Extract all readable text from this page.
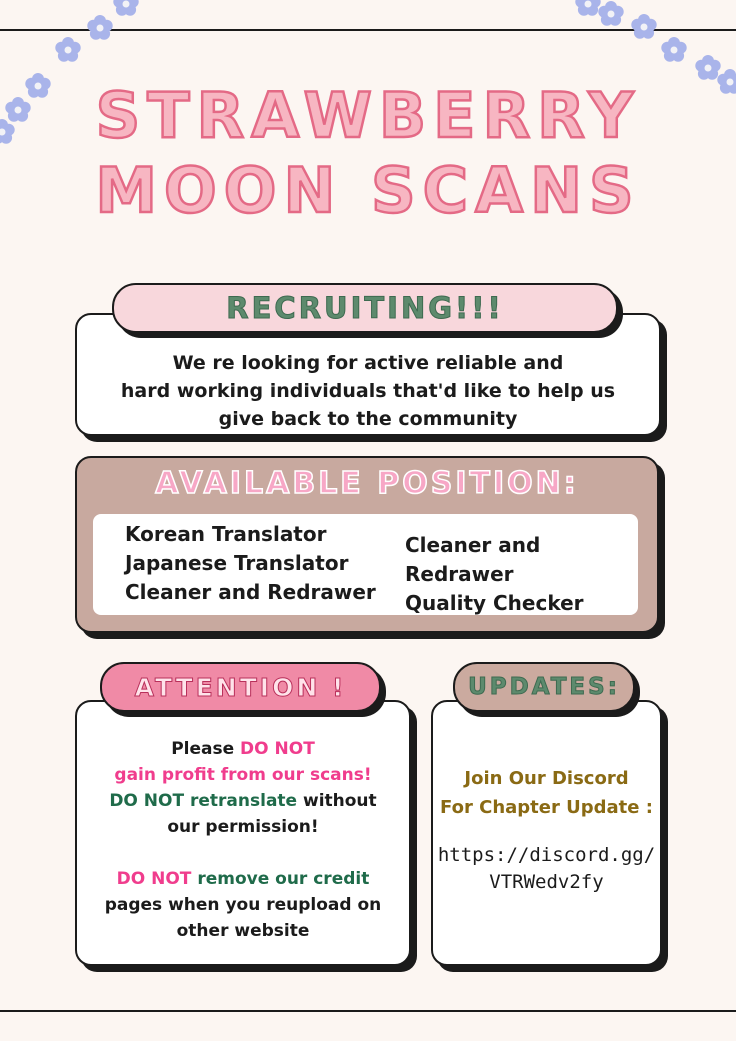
STRAWBERRY
MOON SCANS
We re looking for active reliable and
hard working individuals that'd like to help us
give back to the community
RECRUITING!!!
AVAILABLE POSITION:
Korean Translator
Japanese Translator
Cleaner and Redrawer
Cleaner and Redrawer
Quality Checker
Please DO NOT
gain profit from our scans!
DO NOT retranslate without
our permission!
DO NOT remove our credit
pages when you reupload on
other website
ATTENTION !
Join Our Discord
For Chapter Update :
https://discord.gg/
VTRWedv2fy
UPDATES:
